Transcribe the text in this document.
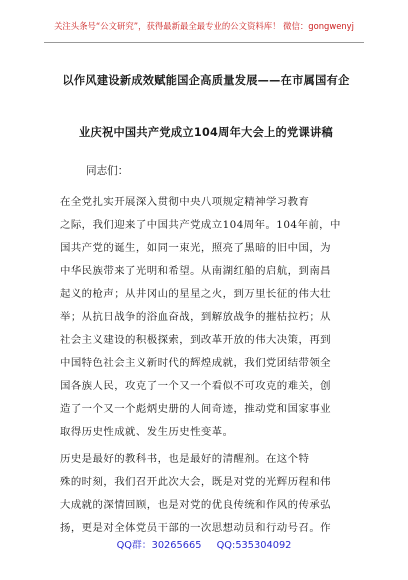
关注头条号“公文研究”，获得最新最全最专业的公文资料库！ 微信：gongwenyj
以作风建设新成效赋能国企高质量发展——在市属国有企
业庆祝中国共产党成立104周年大会上的党课讲稿
同志们：
在全党扎实开展深入贯彻中央八项规定精神学习教育
之际，我们迎来了中国共产党成立104周年。104年前，中
国共产党的诞生，如同一束光，照亮了黑暗的旧中国，为
中华民族带来了光明和希望。从南湖红船的启航，到南昌
起义的枪声；从井冈山的星星之火，到万里长征的伟大壮
举；从抗日战争的浴血奋战，到解放战争的摧枯拉朽；从
社会主义建设的积极探索，到改革开放的伟大决策，再到
中国特色社会主义新时代的辉煌成就，我们党团结带领全
国各族人民，攻克了一个又一个看似不可攻克的难关，创
造了一个又一个彪炳史册的人间奇迹，推动党和国家事业
取得历史性成就、发生历史性变革。
历史是最好的教科书，也是最好的清醒剂。在这个特
殊的时刻，我们召开此次大会，既是对党的光辉历程和伟
大成就的深情回顾，也是对党的优良传统和作风的传承弘
扬，更是对全体党员干部的一次思想动员和行动号召。作
QQ群：30265665 QQ:535304092
